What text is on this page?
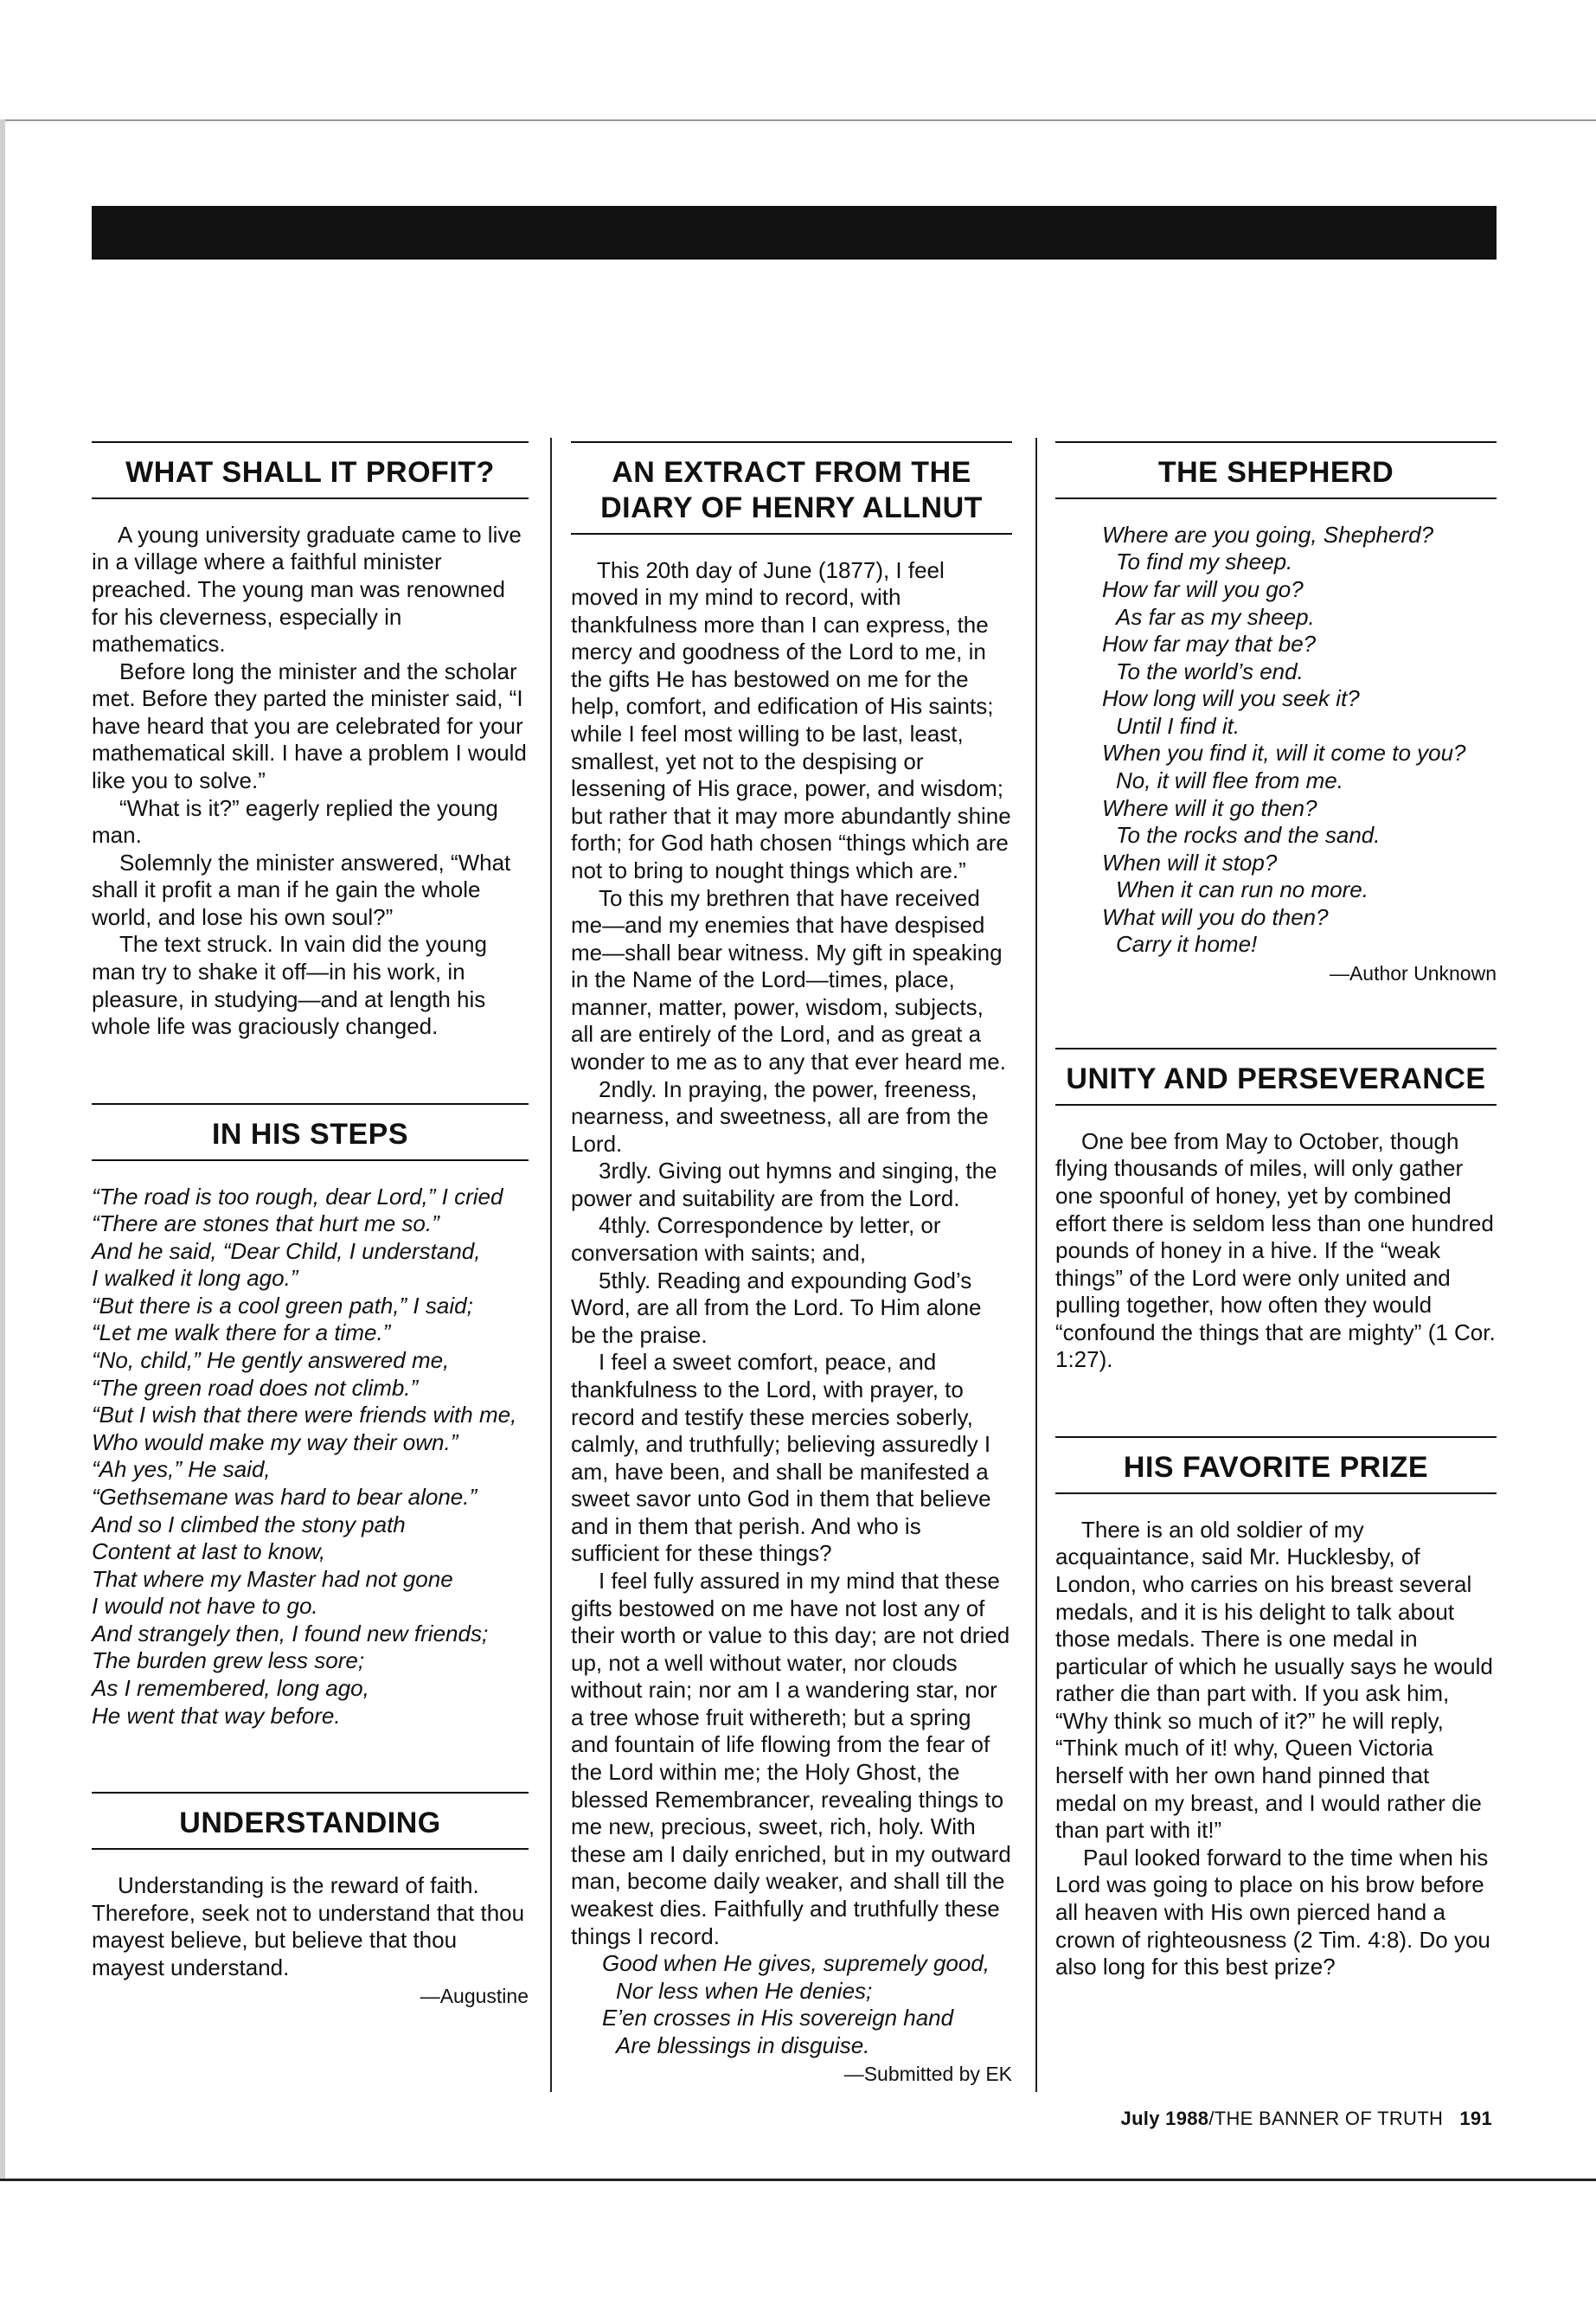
WHAT SHALL IT PROFIT?

A young university graduate came to live in a village where a faithful minister preached. The young man was renowned for his cleverness, especially in mathematics.

Before long the minister and the scholar met. Before they parted the minister said, “I have heard that you are celebrated for your mathematical skill. I have a problem I would like you to solve.”

“What is it?” eagerly replied the young man.

Solemnly the minister answered, “What shall it profit a man if he gain the whole world, and lose his own soul?”

The text struck. In vain did the young man try to shake it off—in his work, in pleasure, in studying—and at length his whole life was graciously changed.

IN HIS STEPS
“The road is too rough, dear Lord,” I cried
“There are stones that hurt me so.”
And he said, “Dear Child, I understand,
I walked it long ago.”
“But there is a cool green path,” I said;
“Let me walk there for a time.”
“No, child,” He gently answered me,
“The green road does not climb.”
“But I wish that there were friends with me,
Who would make my way their own.”
“Ah yes,” He said,
“Gethsemane was hard to bear alone.”
And so I climbed the stony path
Content at last to know,
That where my Master had not gone
I would not have to go.
And strangely then, I found new friends;
The burden grew less sore;
As I remembered, long ago,
He went that way before.
UNDERSTANDING

Understanding is the reward of faith. Therefore, seek not to understand that thou mayest believe, but believe that thou mayest understand.

—Augustine
AN EXTRACT FROM THE
DIARY OF HENRY ALLNUT

This 20th day of June (1877), I feel moved in my mind to record, with thankfulness more than I can express, the mercy and goodness of the Lord to me, in the gifts He has bestowed on me for the help, comfort, and edification of His saints; while I feel most willing to be last, least, smallest, yet not to the despising or lessening of His grace, power, and wisdom; but rather that it may more abundantly shine forth; for God hath chosen “things which are not to bring to nought things which are.”

To this my brethren that have received me—and my enemies that have despised me—shall bear witness. My gift in speaking in the Name of the Lord—times, place, manner, matter, power, wisdom, subjects, all are entirely of the Lord, and as great a wonder to me as to any that ever heard me.

2ndly. In praying, the power, freeness, nearness, and sweetness, all are from the Lord.

3rdly. Giving out hymns and singing, the power and suitability are from the Lord.

4thly. Correspondence by letter, or conversation with saints; and,

5thly. Reading and expounding God’s Word, are all from the Lord. To Him alone be the praise.

I feel a sweet comfort, peace, and thankfulness to the Lord, with prayer, to record and testify these mercies soberly, calmly, and truthfully; believing assuredly I am, have been, and shall be manifested a sweet savor unto God in them that believe and in them that perish. And who is sufficient for these things?

I feel fully assured in my mind that these gifts bestowed on me have not lost any of their worth or value to this day; are not dried up, not a well without water, nor clouds without rain; nor am I a wandering star, nor a tree whose fruit withereth; but a spring and fountain of life flowing from the fear of the Lord within me; the Holy Ghost, the blessed Remembrancer, revealing things to me new, precious, sweet, rich, holy. With these am I daily enriched, but in my outward man, become daily weaker, and shall till the weakest dies. Faithfully and truthfully these things I record.

Good when He gives, supremely good,
Nor less when He denies;
E’en crosses in His sovereign hand
Are blessings in disguise.
—Submitted by EK
THE SHEPHERD
Where are you going, Shepherd?
To find my sheep.
How far will you go?
As far as my sheep.
How far may that be?
To the world’s end.
How long will you seek it?
Until I find it.
When you find it, will it come to you?
No, it will flee from me.
Where will it go then?
To the rocks and the sand.
When will it stop?
When it can run no more.
What will you do then?
Carry it home!
—Author Unknown
UNITY AND PERSEVERANCE

One bee from May to October, though flying thousands of miles, will only gather one spoonful of honey, yet by combined effort there is seldom less than one hundred pounds of honey in a hive. If the “weak things” of the Lord were only united and pulling together, how often they would “confound the things that are mighty” (1 Cor. 1:27).

HIS FAVORITE PRIZE

There is an old soldier of my acquaintance, said Mr. Hucklesby, of London, who carries on his breast several medals, and it is his delight to talk about those medals. There is one medal in particular of which he usually says he would rather die than part with. If you ask him, “Why think so much of it?” he will reply, “Think much of it! why, Queen Victoria herself with her own hand pinned that medal on my breast, and I would rather die than part with it!”

Paul looked forward to the time when his Lord was going to place on his brow before all heaven with His own pierced hand a crown of righteousness (2 Tim. 4:8). Do you also long for this best prize?

July 1988/THE BANNER OF TRUTH 191
